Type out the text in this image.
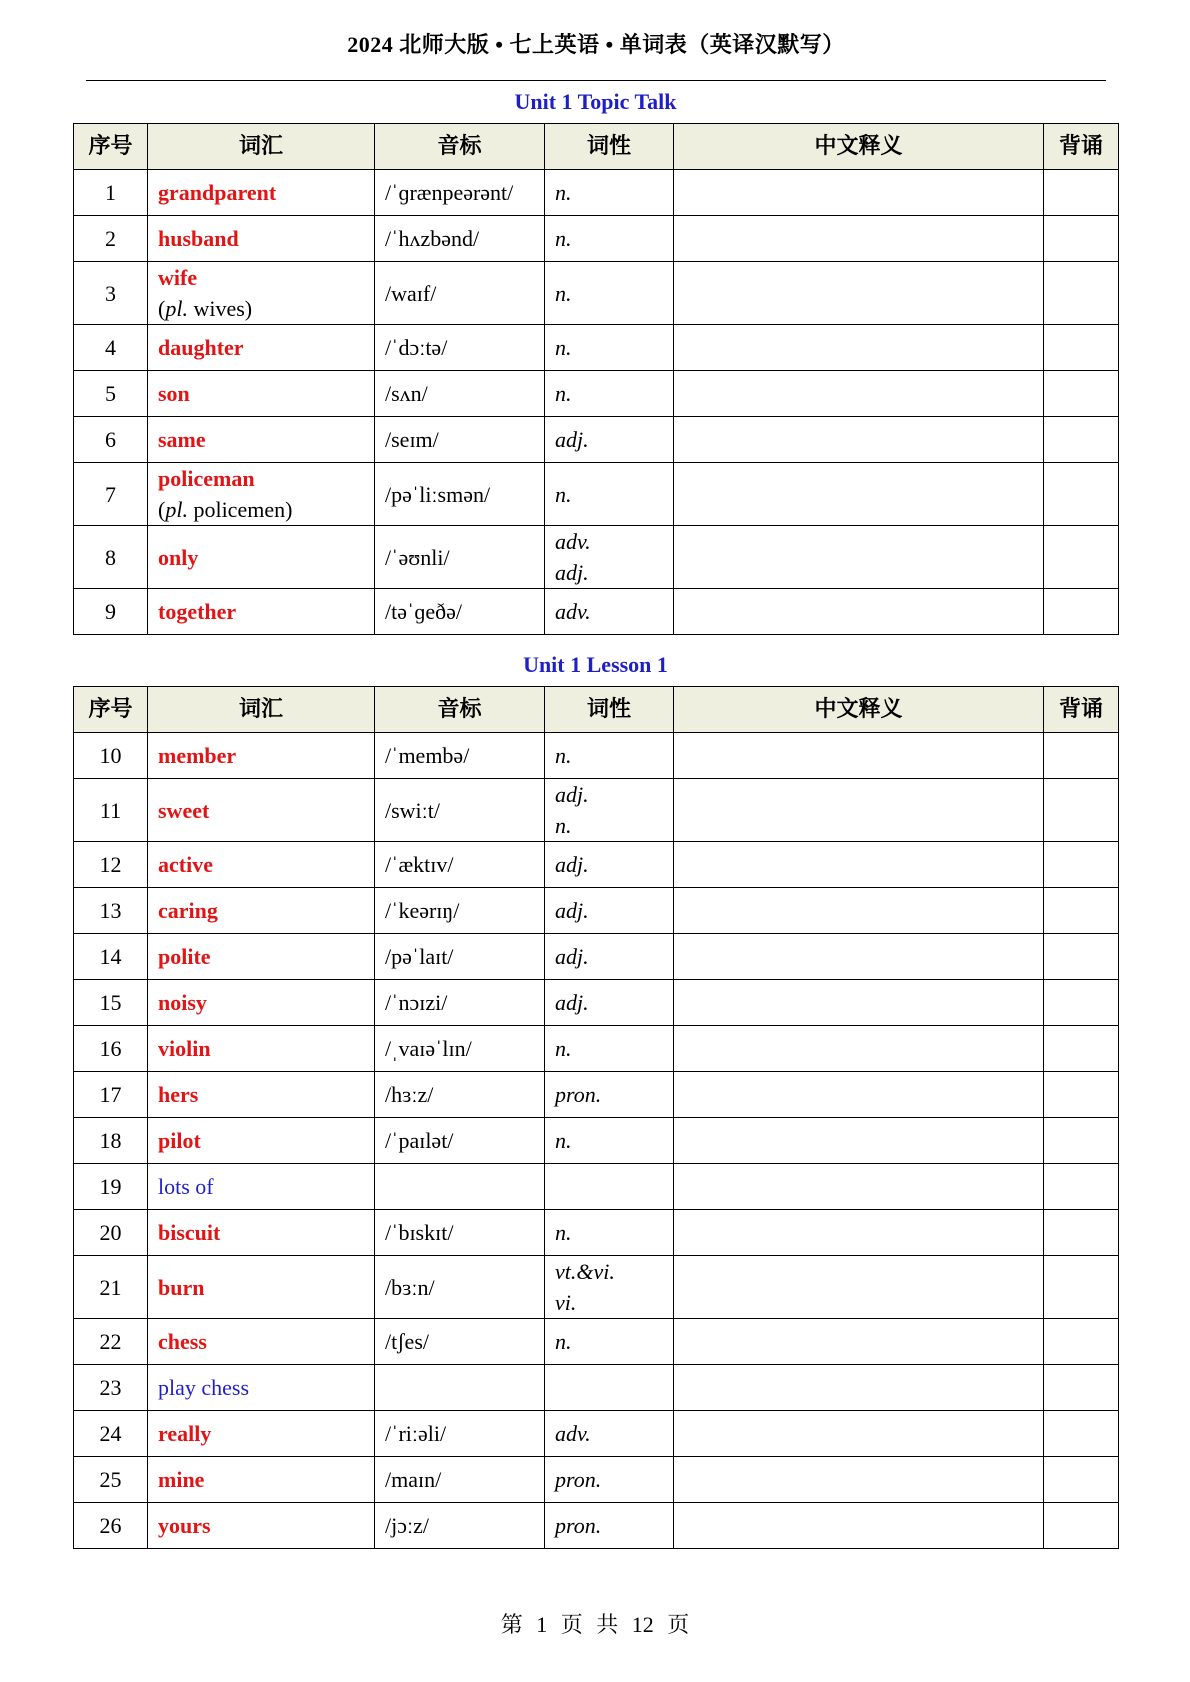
2024 北师大版 • 七上英语 • 单词表（英译汉默写）
Unit 1 Topic Talk
序号	词汇	音标	词性	中文释义	背诵
1	grandparent	/ˈɡrænpeərənt/	n.		

2	husband	/ˈhʌzbənd/	n.		

3	wife
(pl. wives)	/waɪf/	n.		

4	daughter	/ˈdɔːtə/	n.		

5	son	/sʌn/	n.		

6	same	/seɪm/	adj.		

7	policeman
(pl. policemen)	/pəˈliːsmən/	n.		

8	only	/ˈəʊnli/	adv.
adj.		

9	together	/təˈɡeðə/	adv.		

Unit 1 Lesson 1
序号	词汇	音标	词性	中文释义	背诵
10	member	/ˈmembə/	n.		

11	sweet	/swiːt/	adj.
n.		

12	active	/ˈæktɪv/	adj.		

13	caring	/ˈkeərɪŋ/	adj.		

14	polite	/pəˈlaɪt/	adj.		

15	noisy	/ˈnɔɪzi/	adj.		

16	violin	/ˌvaɪəˈlɪn/	n.		

17	hers	/hɜːz/	pron.		

18	pilot	/ˈpaɪlət/	n.		

19	lots of				

20	biscuit	/ˈbɪskɪt/	n.		

21	burn	/bɜːn/	vt.&vi.
vi.		

22	chess	/tʃes/	n.		

23	play chess				

24	really	/ˈriːəli/	adv.		

25	mine	/maɪn/	pron.		

26	yours	/jɔːz/	pron.		

第 1 页 共 12 页
